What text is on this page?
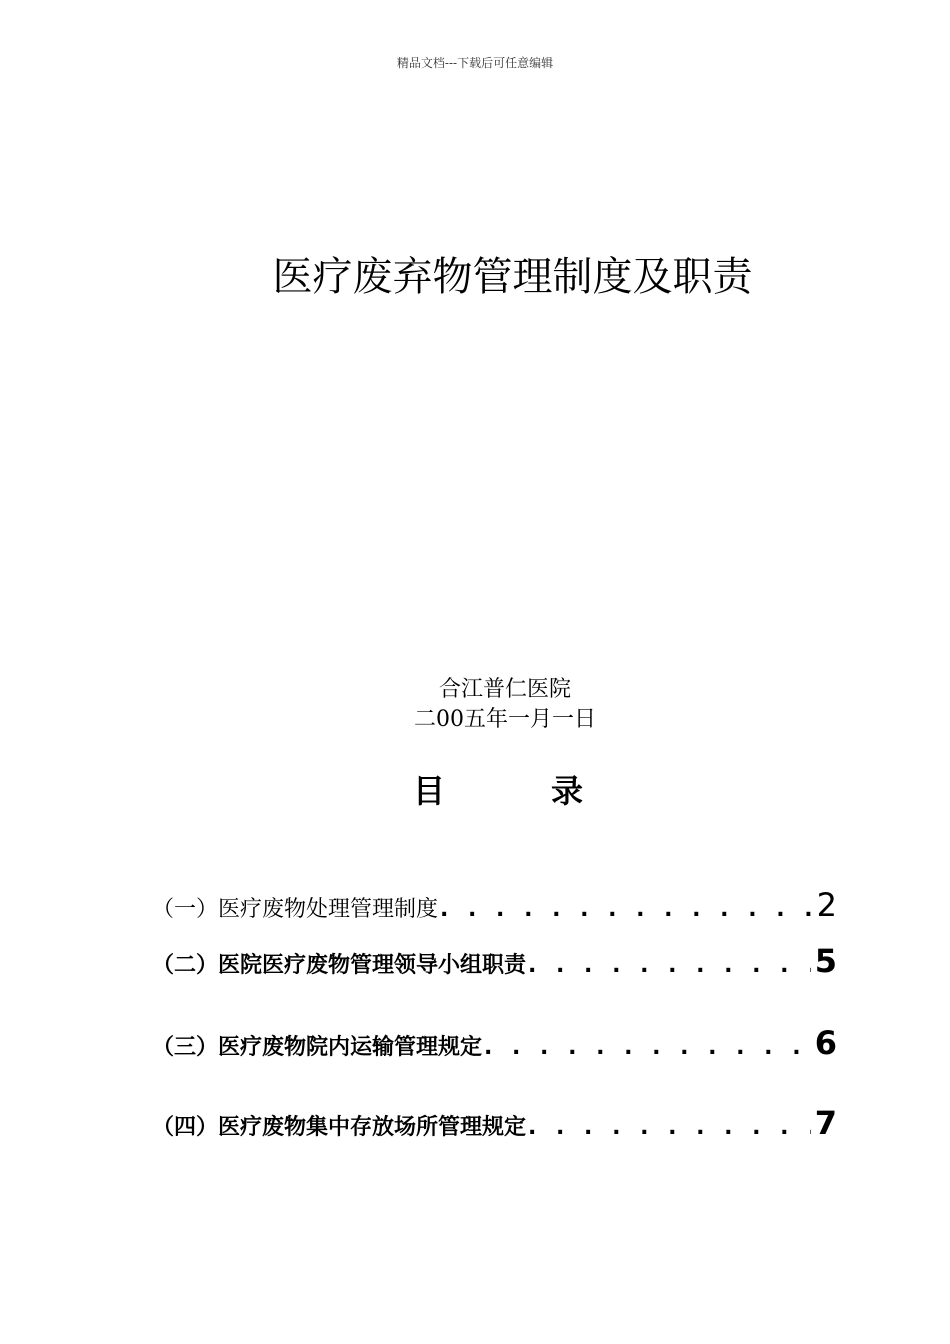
精品文档---下载后可任意编辑
医疗废弃物管理制度及职责
合江普仁医院
二00五年一月一日
目	录
（一）医疗废物处理管理制度 . . .	2
（二）医院医疗废物管理领导小组职责 . . .	5
（三）医疗废物院内运输管理规定 . . .	6
（四）医疗废物集中存放场所管理规定 . . .	7
